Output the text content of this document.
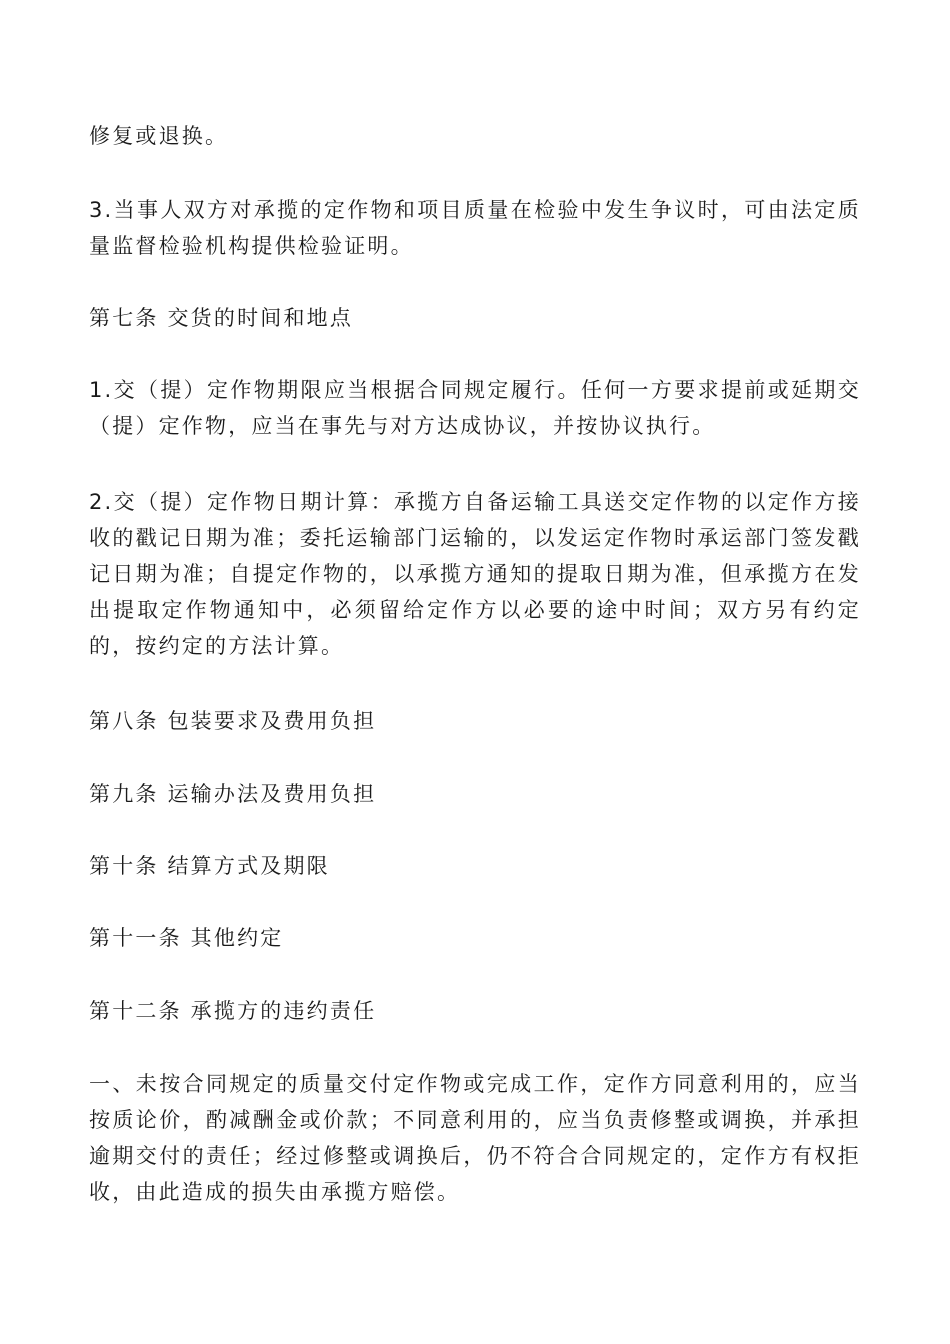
修复或退换。

3.当事人双方对承揽的定作物和项目质量在检验中发生争议时，可由法定质量监督检验机构提供检验证明。

第七条 交货的时间和地点

1.交（提）定作物期限应当根据合同规定履行。任何一方要求提前或延期交（提）定作物，应当在事先与对方达成协议，并按协议执行。

2.交（提）定作物日期计算：承揽方自备运输工具送交定作物的以定作方接收的戳记日期为准；委托运输部门运输的，以发运定作物时承运部门签发戳记日期为准；自提定作物的，以承揽方通知的提取日期为准，但承揽方在发出提取定作物通知中，必须留给定作方以必要的途中时间；双方另有约定的，按约定的方法计算。

第八条 包装要求及费用负担

第九条 运输办法及费用负担

第十条 结算方式及期限

第十一条 其他约定

第十二条 承揽方的违约责任

一、未按合同规定的质量交付定作物或完成工作，定作方同意利用的，应当按质论价，酌减酬金或价款；不同意利用的，应当负责修整或调换，并承担逾期交付的责任；经过修整或调换后，仍不符合合同规定的，定作方有权拒收，由此造成的损失由承揽方赔偿。
